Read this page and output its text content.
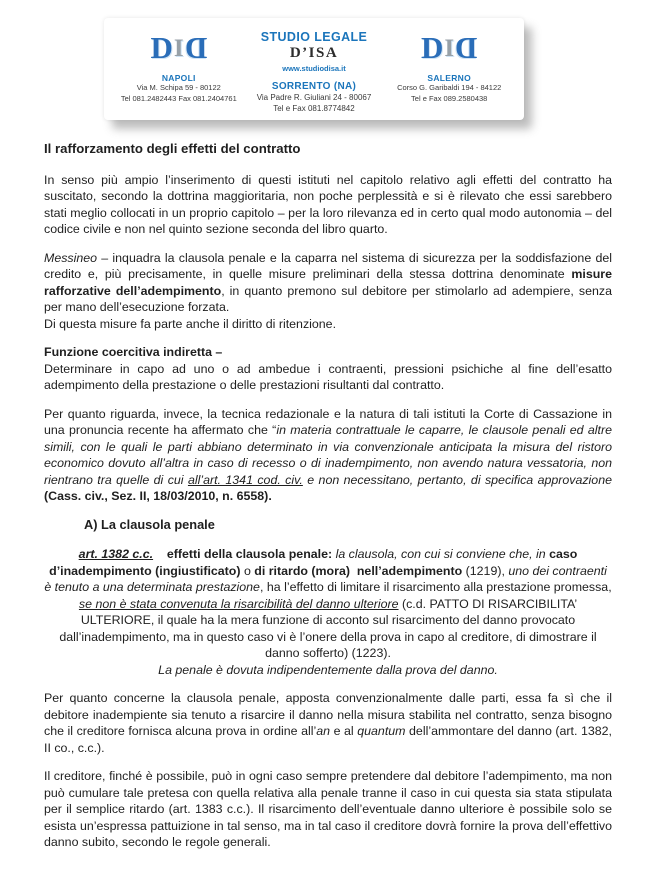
DID
NAPOLI
Via M. Schipa 59 - 80122
Tel 081.2482443 Fax 081.2404761
STUDIO LEGALE
D’ISA
www.studiodisa.it
SORRENTO (NA)
Via Padre R. Giuliani 24 - 80067
Tel e Fax 081.8774842
DID
SALERNO
Corso G. Garibaldi 194 - 84122
Tel e Fax 089.2580438
Il rafforzamento degli effetti del contratto

In senso più ampio l’inserimento di questi istituti nel capitolo relativo agli effetti del contratto ha suscitato, secondo la dottrina maggioritaria, non poche perplessità e si è rilevato che essi sarebbero stati meglio collocati in un proprio capitolo – per la loro rilevanza ed in certo qual modo autonomia – del codice civile e non nel quinto sezione seconda del libro quarto.

Messineo – inquadra la clausola penale e la caparra nel sistema di sicurezza per la soddisfazione del credito e, più precisamente, in quelle misure preliminari della stessa dottrina denominate misure rafforzative dell’adempimento, in quanto premono sul debitore per stimolarlo ad adempiere, senza per mano dell’esecuzione forzata.
Di questa misure fa parte anche il diritto di ritenzione.

Funzione coercitiva indiretta –
Determinare in capo ad uno o ad ambedue i contraenti, pressioni psichiche al fine dell’esatto adempimento della prestazione o delle prestazioni risultanti dal contratto.

Per quanto riguarda, invece, la tecnica redazionale e la natura di tali istituti la Corte di Cassazione in una pronuncia recente ha affermato che “in materia contrattuale le caparre, le clausole penali ed altre simili, con le quali le parti abbiano determinato in via convenzionale anticipata la misura del ristoro economico dovuto all’altra in caso di recesso o di inadempimento, non avendo natura vessatoria, non rientrano tra quelle di cui all’art. 1341 cod. civ. e non necessitano, pertanto, di specifica approvazione (Cass. civ., Sez. II, 18/03/2010, n. 6558).

A) La clausola penale

art. 1382 c.c. effetti della clausola penale: la clausola, con cui si conviene che, in caso d’inadempimento (ingiustificato) o di ritardo (mora)  nell’adempimento (1219), uno dei contraenti è tenuto a una determinata prestazione, ha l’effetto di limitare il risarcimento alla prestazione promessa, se non è stata convenuta la risarcibilità del danno ulteriore (c.d. PATTO DI RISARCIBILITA’ ULTERIORE, il quale ha la mera funzione di acconto sul risarcimento del danno provocato dall’inadempimento, ma in questo caso vi è l’onere della prova in capo al creditore, di dimostrare il danno sofferto) (1223).
La penale è dovuta indipendentemente dalla prova del danno.

Per quanto concerne la clausola penale, apposta convenzionalmente dalle parti, essa fa sì che il debitore inadempiente sia tenuto a risarcire il danno nella misura stabilita nel contratto, senza bisogno che il creditore fornisca alcuna prova in ordine all’an e al quantum dell’ammontare del danno (art. 1382, II co., c.c.).

Il creditore, finché è possibile, può in ogni caso sempre pretendere dal debitore l’adempimento, ma non può cumulare tale pretesa con quella relativa alla penale tranne il caso in cui questa sia stata stipulata per il semplice ritardo (art. 1383 c.c.). Il risarcimento dell’eventuale danno ulteriore è possibile solo se esista un’espressa pattuizione in tal senso, ma in tal caso il creditore dovrà fornire la prova dell’effettivo danno subito, secondo le regole generali.
